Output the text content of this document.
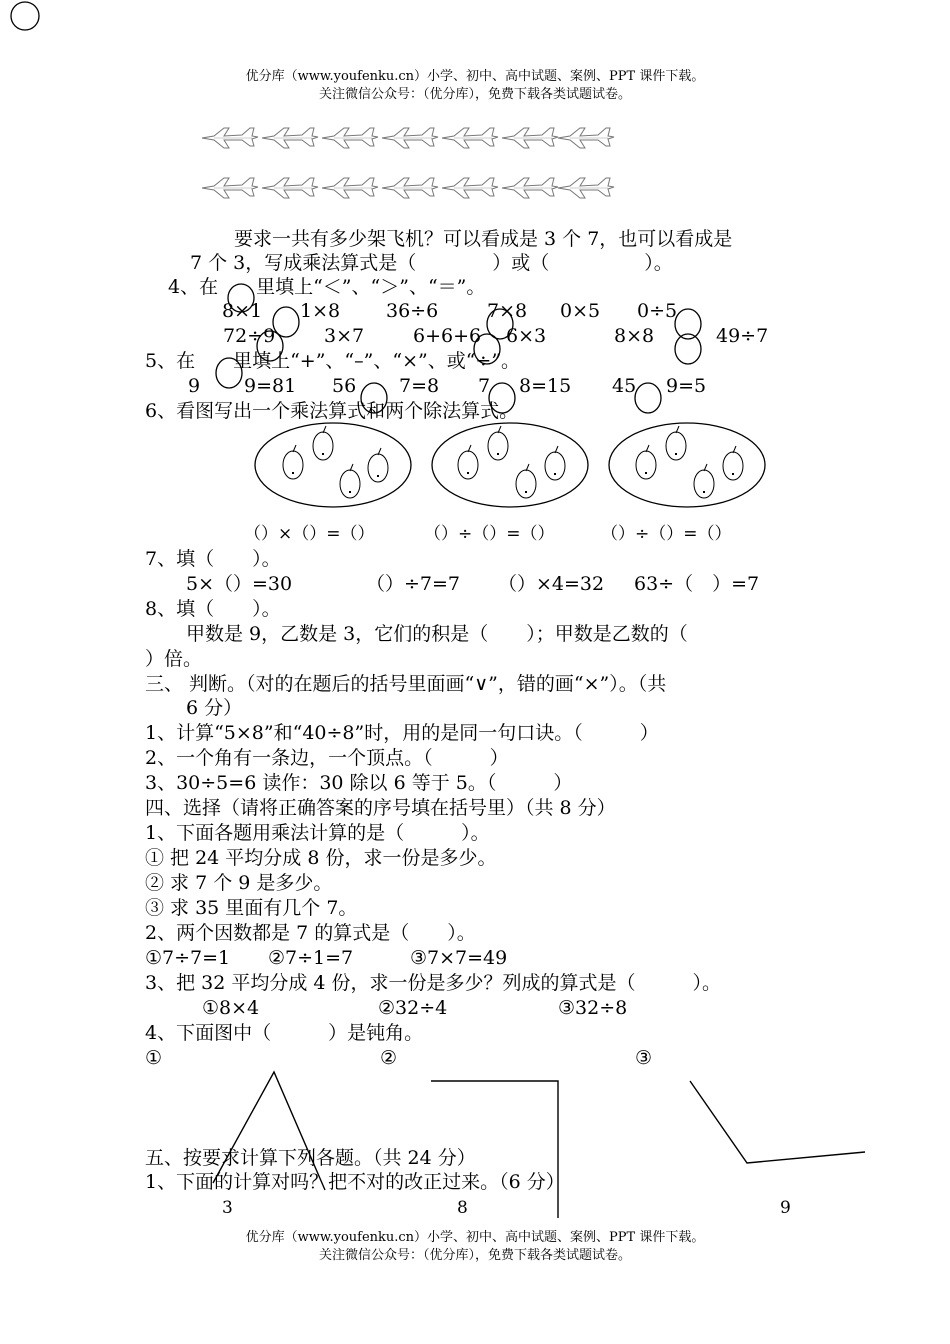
优分库（www.youfenku.cn）小学、初中、高中试题、案例、PPT 课件下载。
关注微信公众号：（优分库），免费下载各类试题试卷。
要求一共有多少架飞机？可以看成是 3 个 7，也可以看成是
7 个 3，写成乘法算式是（　　　　）或（　　　　　）。
4、在　　里填上“＜”、“＞”、“＝”。
8×1 1×8 36÷6	7×8 0×5 0÷5
72÷9	3×7	6+6+6 6×3	8×8	49÷7
5、在　　里填上“+”、“–”、“×”、或“÷”。
9 9=81 56 7=8 7 8=15 45 9=5
6、看图写出一个乘法算式和两个除法算式。
（）×（）=（）	（）÷（）=（）	（）÷（）=（）
7、填（　　）。
5×（）=30	（）÷7=7 （）×4=32 63÷（　）=7
8、填（　　）。
甲数是 9，乙数是 3，它们的积是（　　）；甲数是乙数的（
）倍。
三、 判断。（对的在题后的括号里面画“∨”，错的画“×”）。（共
6 分）
1、计算“5×8”和“40÷8”时，用的是同一句口诀。（　　　）
2、一个角有一条边，一个顶点。（　　　）
3、30÷5=6 读作：30 除以 6 等于 5。（　　　）
四、选择（请将正确答案的序号填在括号里）（共 8 分）
1、下面各题用乘法计算的是（　　　）。
① 把 24 平均分成 8 份，求一份是多少。
② 求 7 个 9 是多少。
③ 求 35 里面有几个 7。
2、两个因数都是 7 的算式是（　　）。
①7÷7=1 ②7÷1=7	③7×7=49
3、把 32 平均分成 4 份，求一份是多少？列成的算式是（　　　）。
①8×4	②32÷4	③32÷8
4、下面图中（　　　）是钝角。
①	②	③
五、按要求计算下列各题。（共 24 分）
1、下面的计算对吗？把不对的改正过来。（6 分）
3	8	9
优分库（www.youfenku.cn）小学、初中、高中试题、案例、PPT 课件下载。
关注微信公众号：（优分库），免费下载各类试题试卷。
